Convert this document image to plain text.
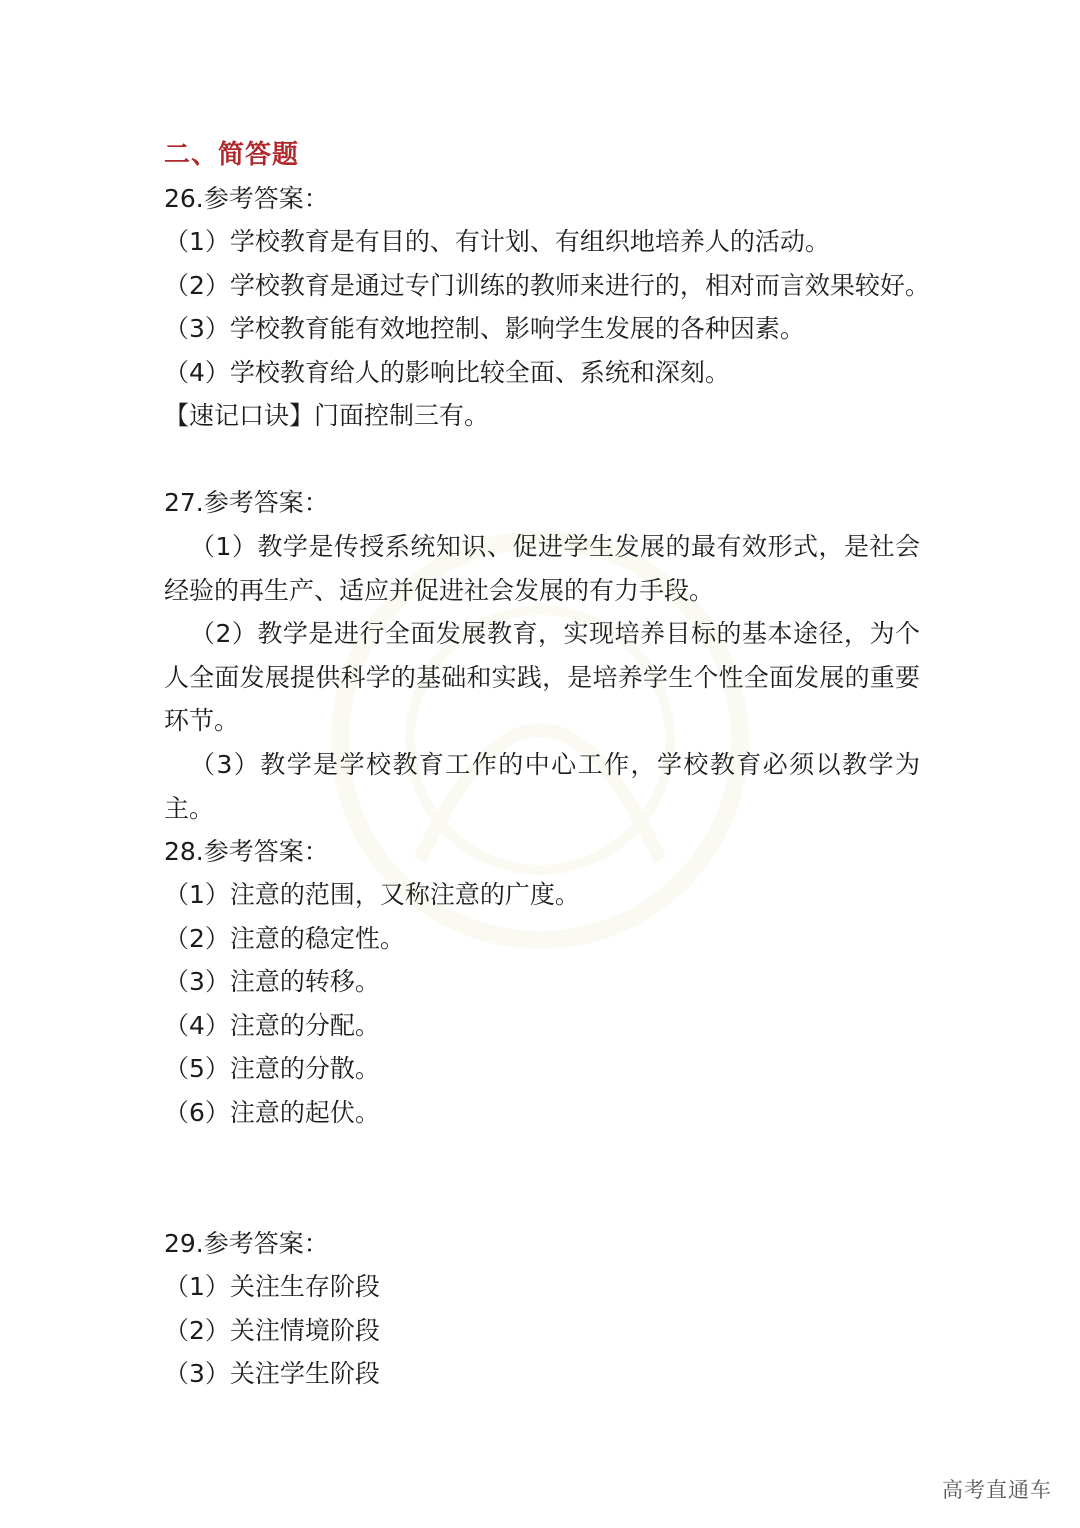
二、简答题
26.参考答案：
（1）学校教育是有目的、有计划、有组织地培养人的活动。
（2）学校教育是通过专门训练的教师来进行的，相对而言效果较好。
（3）学校教育能有效地控制、影响学生发展的各种因素。
（4）学校教育给人的影响比较全面、系统和深刻。
【速记口诀】门面控制三有。
27.参考答案：
（1）教学是传授系统知识、促进学生发展的最有效形式，是社会经验的再生产、适应并促进社会发展的有力手段。
（2）教学是进行全面发展教育，实现培养目标的基本途径，为个人全面发展提供科学的基础和实践，是培养学生个性全面发展的重要环节。
（3）教学是学校教育工作的中心工作，学校教育必须以教学为主。
28.参考答案：
（1）注意的范围，又称注意的广度。
（2）注意的稳定性。
（3）注意的转移。
（4）注意的分配。
（5）注意的分散。
（6）注意的起伏。
29.参考答案：
（1）关注生存阶段
（2）关注情境阶段
（3）关注学生阶段
高考直通车
